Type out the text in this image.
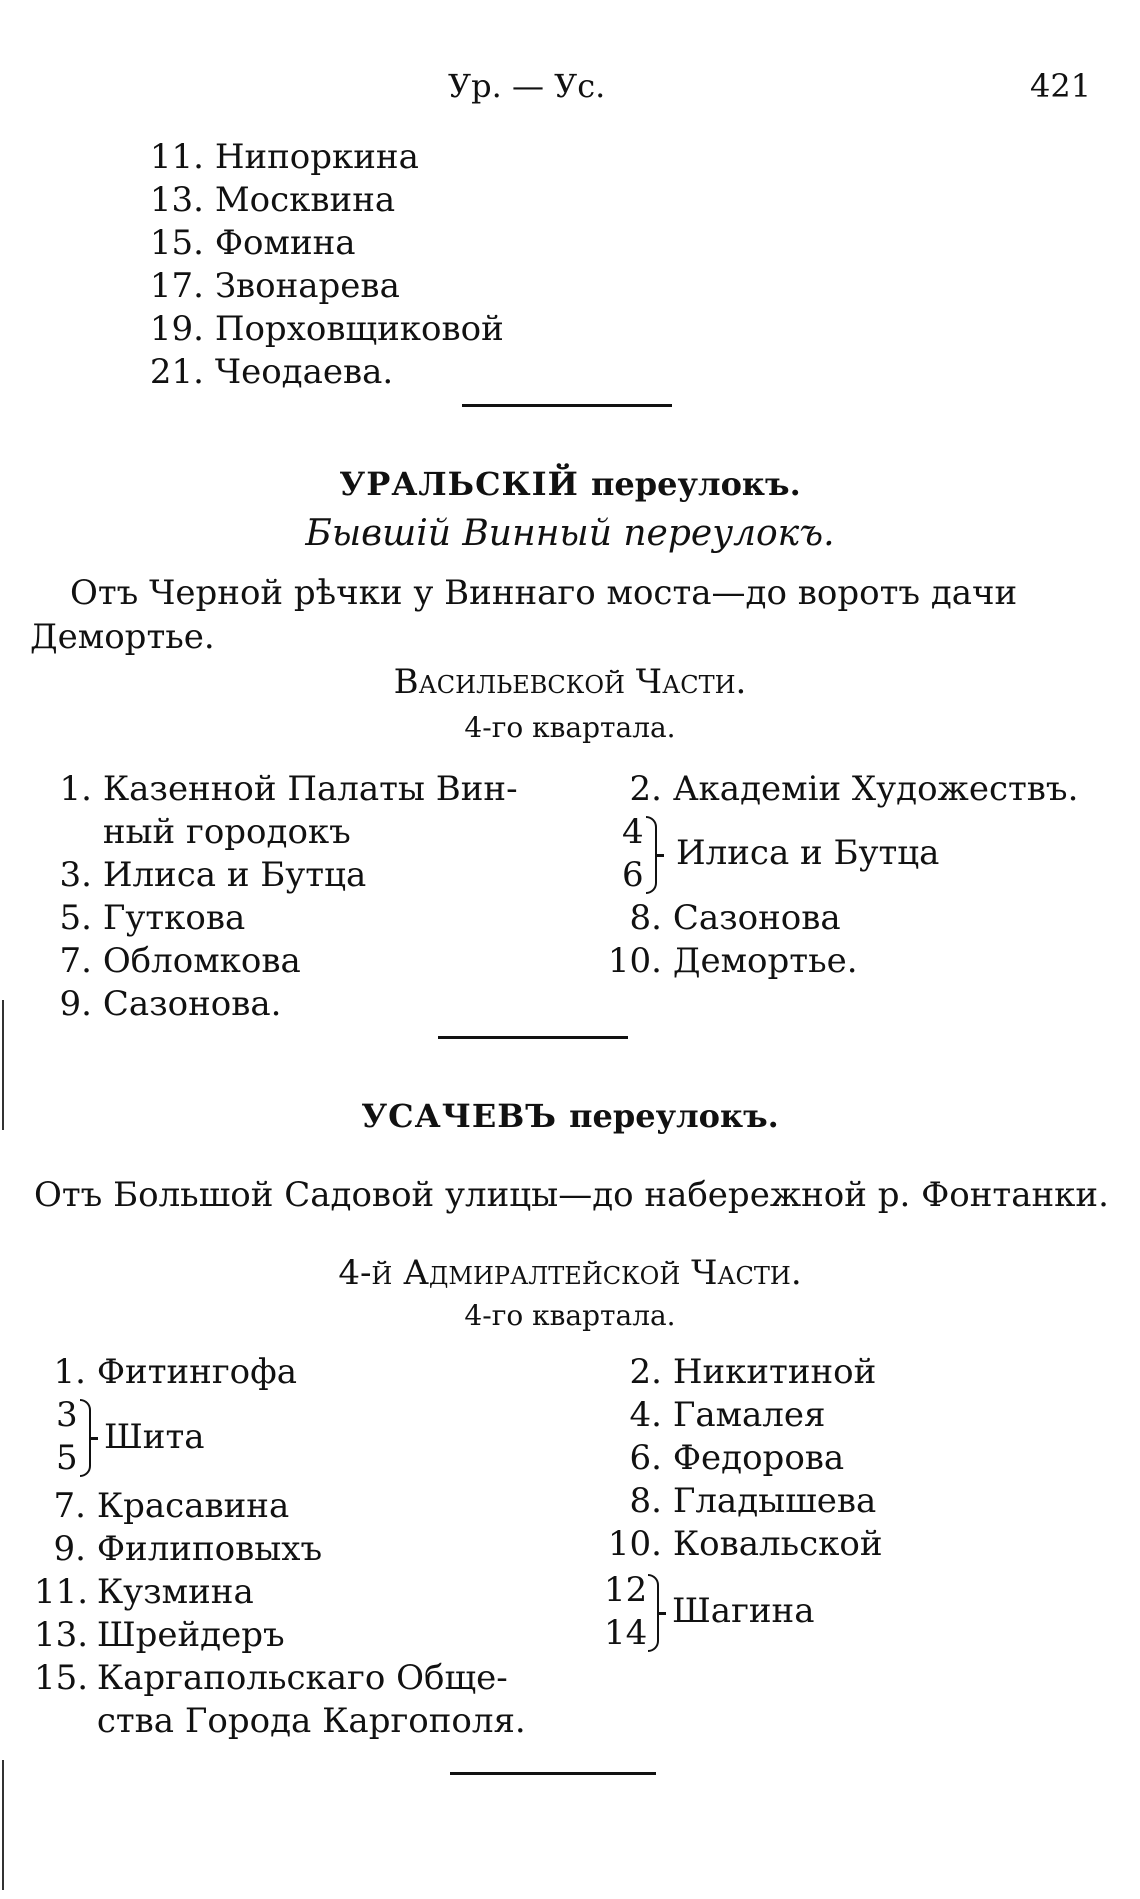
Ур. — Ус.	421
11. Нипоркина
13. Москвина
15. Фомина
17. Звонарева
19. Порховщиковой
21. Чеодаева.
УРАЛЬСКІЙ переулокъ.
Бывшій Винный переулокъ.
Отъ Черной рѣчки у Виннаго моста—до воротъ дачи
Демортье.
Васильевской Части.
4-го квартала.
1. Казенной Палаты Вин-
ный городокъ
3. Илиса и Бутца
5. Гуткова
7. Обломкова
9. Сазонова.
2. Академіи Художествъ.
4
6
Илиса и Бутца
8. Сазонова
10. Демортье.
УСАЧЕВЪ переулокъ.
Отъ Большой Садовой улицы—до набережной р. Фонтанки.
4-й Адмиралтейской Части.
4-го квартала.
1. Фитингофа
3
5
Шита
7. Красавина
9. Филиповыхъ
11. Кузмина
13. Шрейдеръ
15. Каргапольскаго Обще-
ства Города Каргополя.
2. Никитиной
4. Гамалея
6. Федорова
8. Гладышева
10. Ковальской
12
14
Шагина
